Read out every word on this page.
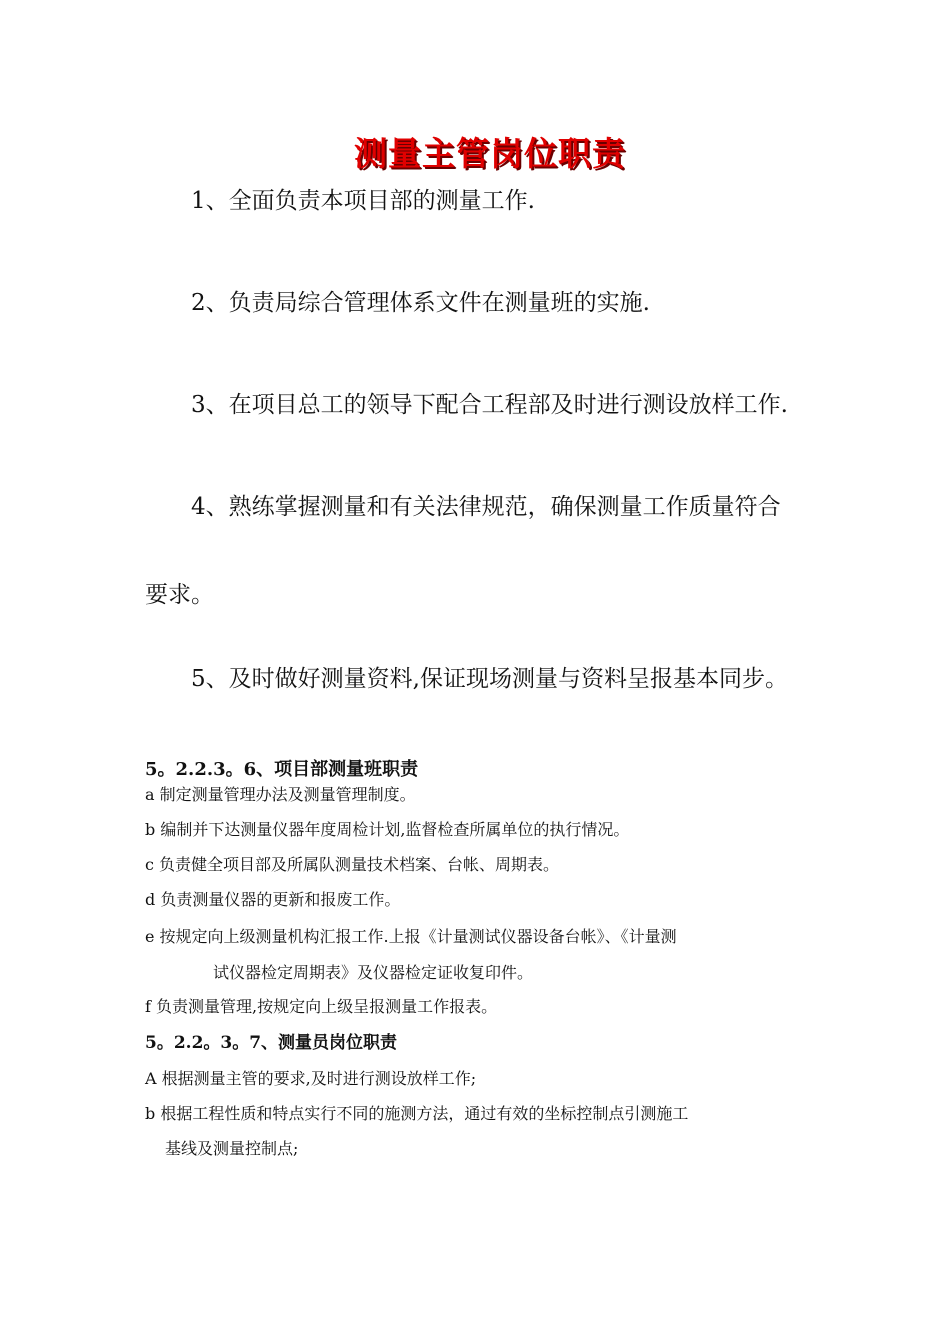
测量主管岗位职责

1、全面负责本项目部的测量工作.

2、负责局综合管理体系文件在测量班的实施.

3、在项目总工的领导下配合工程部及时进行测设放样工作.

4、熟练掌握测量和有关法律规范，确保测量工作质量符合

要求。

5、及时做好测量资料,保证现场测量与资料呈报基本同步。

5。2.2.3。6、项目部测量班职责

a 制定测量管理办法及测量管理制度。

b 编制并下达测量仪器年度周检计划,监督检查所属单位的执行情况。

c 负责健全项目部及所属队测量技术档案、台帐、周期表。

d 负责测量仪器的更新和报废工作。

e 按规定向上级测量机构汇报工作.上报《计量测试仪器设备台帐》、《计量测

试仪器检定周期表》及仪器检定证收复印件。

f 负责测量管理,按规定向上级呈报测量工作报表。

5。2.2。3。7、测量员岗位职责

A 根据测量主管的要求,及时进行测设放样工作;

b 根据工程性质和特点实行不同的施测方法，通过有效的坐标控制点引测施工

基线及测量控制点;
